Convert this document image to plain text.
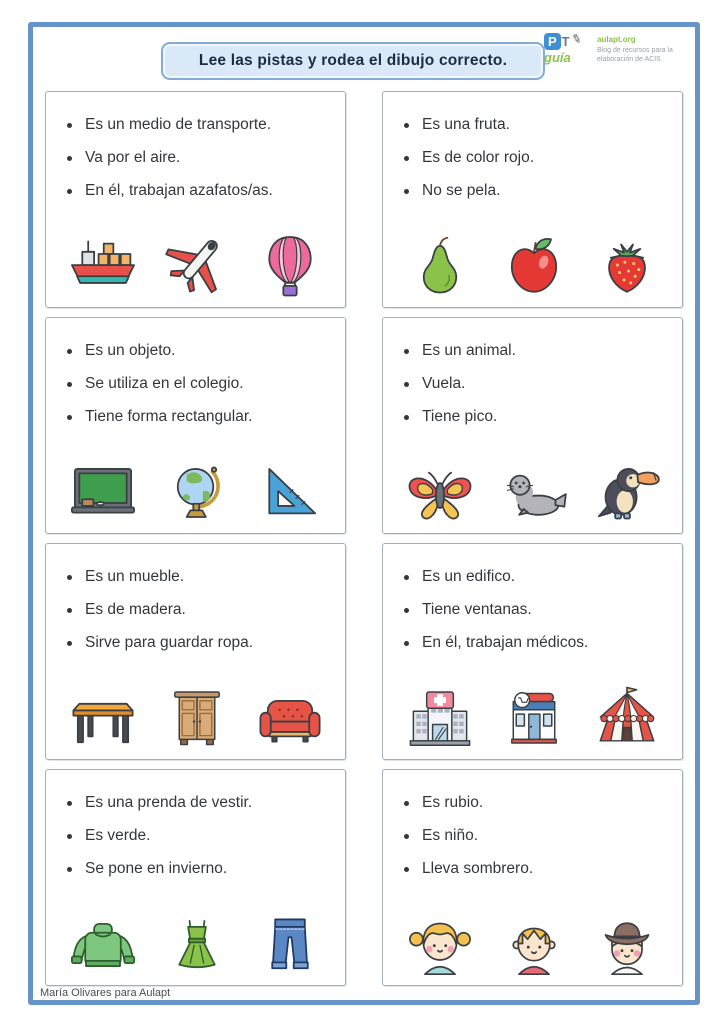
Lee las pistas y rodea el dibujo correcto.
P T ✎
guía
aulapt.org
Blog de recursos para la elaboración de ACIS
Es un medio de transporte.
Va por el aire.
En él, trabajan azafatos/as.
Es una fruta.
Es de color rojo.
No se pela.
Es un objeto.
Se utiliza en el colegio.
Tiene forma rectangular.
Es un animal.
Vuela.
Tiene pico.
Es un mueble.
Es de madera.
Sirve para guardar ropa.
Es un edifico.
Tiene ventanas.
En él, trabajan médicos.
Es una prenda de vestir.
Es verde.
Se pone en invierno.
Es rubio.
Es niño.
Lleva sombrero.
María Olivares para Aulapt
